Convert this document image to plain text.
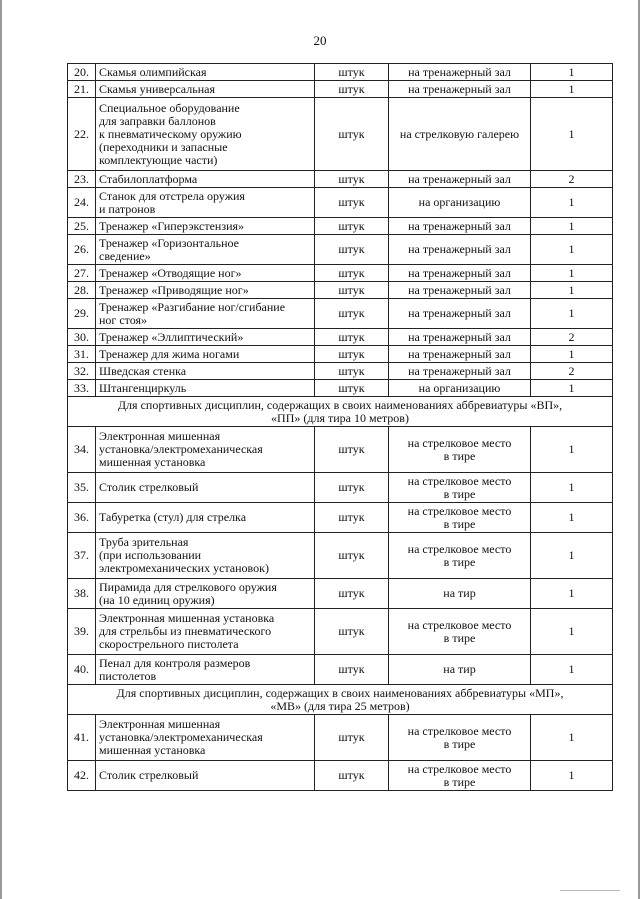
20
20.	Скамья олимпийская	штук	на тренажерный зал	1
21.	Скамья универсальная	штук	на тренажерный зал	1
22.	Специальное оборудование
для заправки баллонов
к пневматическому оружию
(переходники и запасные
комплектующие части)	штук	на стрелковую галерею	1
23.	Стабилоплатформа	штук	на тренажерный зал	2
24.	Станок для отстрела оружия
и патронов	штук	на организацию	1
25.	Тренажер «Гиперэкстензия»	штук	на тренажерный зал	1
26.	Тренажер «Горизонтальное
сведение»	штук	на тренажерный зал	1
27.	Тренажер «Отводящие ног»	штук	на тренажерный зал	1
28.	Тренажер «Приводящие ног»	штук	на тренажерный зал	1
29.	Тренажер «Разгибание ног/сгибание
ног стоя»	штук	на тренажерный зал	1
30.	Тренажер «Эллиптический»	штук	на тренажерный зал	2
31.	Тренажер для жима ногами	штук	на тренажерный зал	1
32.	Шведская стенка	штук	на тренажерный зал	2
33.	Штангенциркуль	штук	на организацию	1
Для спортивных дисциплин, содержащих в своих наименованиях аббревиатуры «ВП»,
«ПП» (для тира 10 метров)				
34.	Электронная мишенная
установка/электромеханическая
мишенная установка	штук	на стрелковое место
в тире	1
35.	Столик стрелковый	штук	на стрелковое место
в тире	1
36.	Табуретка (стул) для стрелка	штук	на стрелковое место
в тире	1
37.	Труба зрительная
(при использовании
электромеханических установок)	штук	на стрелковое место
в тире	1
38.	Пирамида для стрелкового оружия
(на 10 единиц оружия)	штук	на тир	1
39.	Электронная мишенная установка
для стрельбы из пневматического
скорострельного пистолета	штук	на стрелковое место
в тире	1
40.	Пенал для контроля размеров
пистолетов	штук	на тир	1
Для спортивных дисциплин, содержащих в своих наименованиях аббревиатуры «МП»,
«МВ» (для тира 25 метров)				
41.	Электронная мишенная
установка/электромеханическая
мишенная установка	штук	на стрелковое место
в тире	1
42.	Столик стрелковый	штук	на стрелковое место
в тире	1
